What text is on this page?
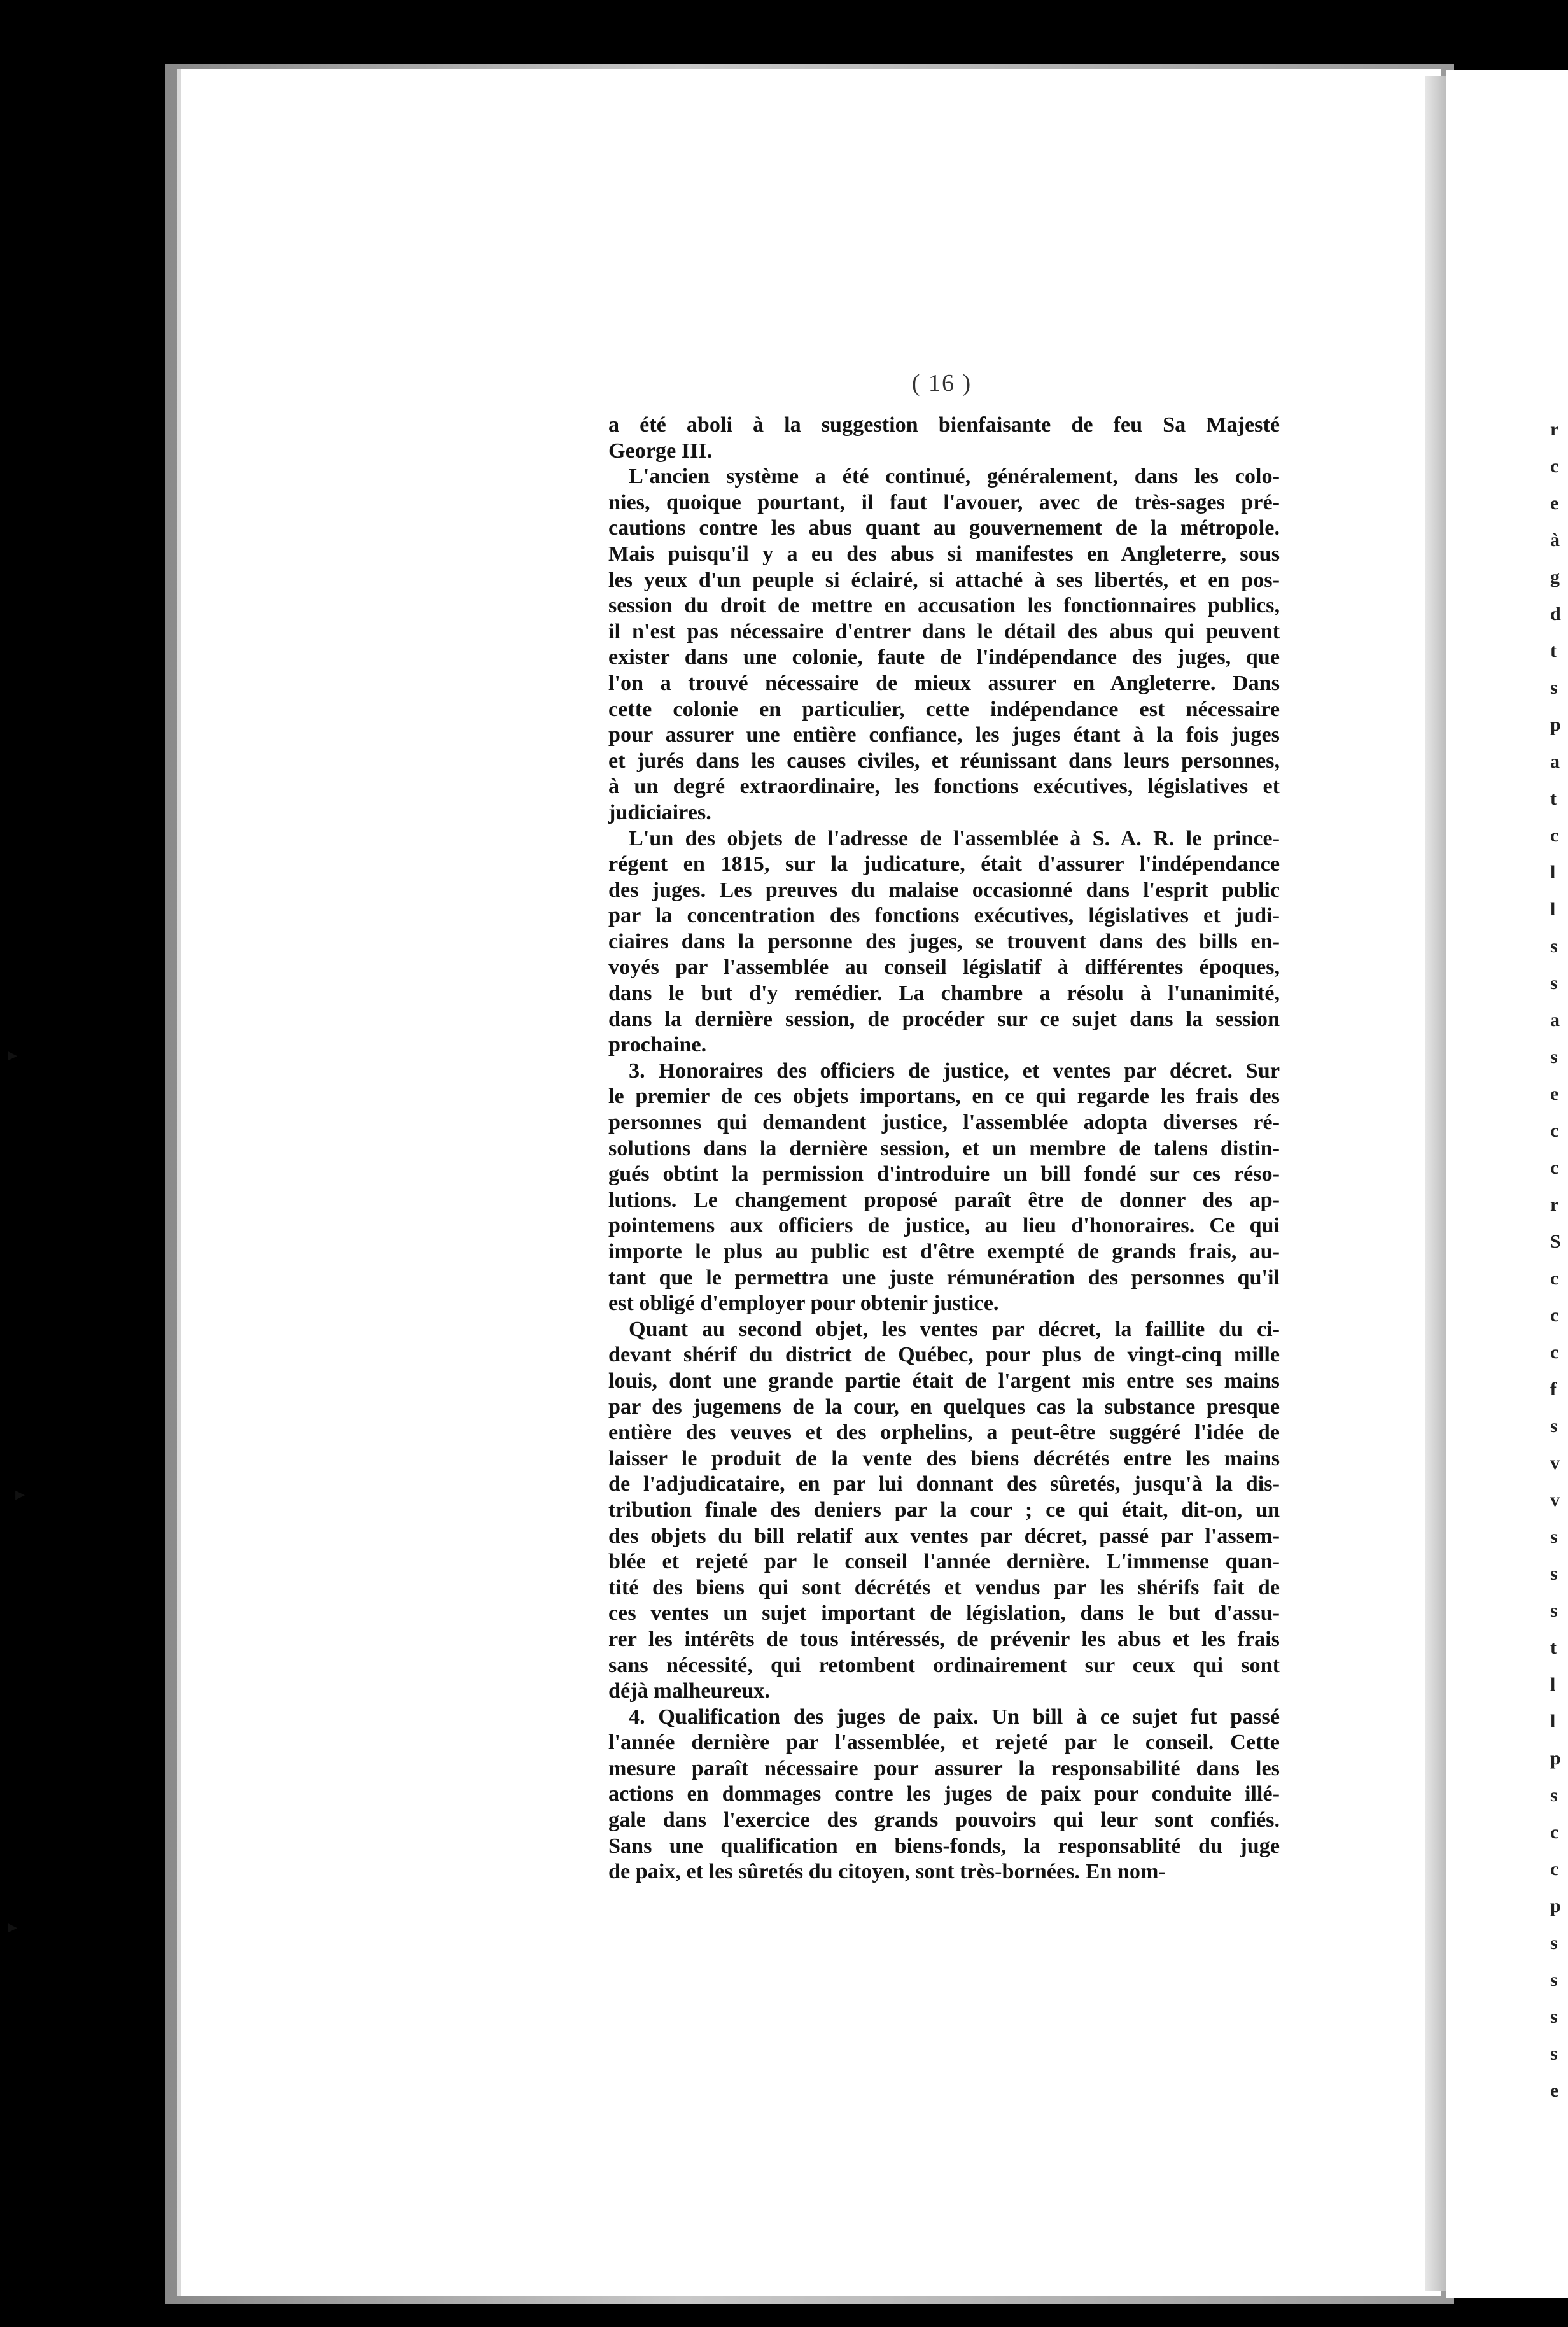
r
c
e
à
g
d
t
s
p
a
t
c
l
l
s
s
a
s
e
c
c
r
S
c
c
c
f
s
v
v
s
s
s
t
l
l
p
s
c
c
p
s
s
s
s
e
( 16 )
a été aboli à la suggestion bienfaisante de feu Sa Majesté
George III.
L'ancien système a été continué, généralement, dans les colo-
nies, quoique pourtant, il faut l'avouer, avec de très-sages pré-
cautions contre les abus quant au gouvernement de la métropole.
Mais puisqu'il y a eu des abus si manifestes en Angleterre, sous
les yeux d'un peuple si éclairé, si attaché à ses libertés, et en pos-
session du droit de mettre en accusation les fonctionnaires publics,
il n'est pas nécessaire d'entrer dans le détail des abus qui peuvent
exister dans une colonie, faute de l'indépendance des juges, que
l'on a trouvé nécessaire de mieux assurer en Angleterre. Dans
cette colonie en particulier, cette indépendance est nécessaire
pour assurer une entière confiance, les juges étant à la fois juges
et jurés dans les causes civiles, et réunissant dans leurs personnes,
à un degré extraordinaire, les fonctions exécutives, législatives et
judiciaires.
L'un des objets de l'adresse de l'assemblée à S. A. R. le prince-
régent en 1815, sur la judicature, était d'assurer l'indépendance
des juges. Les preuves du malaise occasionné dans l'esprit public
par la concentration des fonctions exécutives, législatives et judi-
ciaires dans la personne des juges, se trouvent dans des bills en-
voyés par l'assemblée au conseil législatif à différentes époques,
dans le but d'y remédier. La chambre a résolu à l'unanimité,
dans la dernière session, de procéder sur ce sujet dans la session
prochaine.
3. Honoraires des officiers de justice, et ventes par décret. Sur
le premier de ces objets importans, en ce qui regarde les frais des
personnes qui demandent justice, l'assemblée adopta diverses ré-
solutions dans la dernière session, et un membre de talens distin-
gués obtint la permission d'introduire un bill fondé sur ces réso-
lutions. Le changement proposé paraît être de donner des ap-
pointemens aux officiers de justice, au lieu d'honoraires. Ce qui
importe le plus au public est d'être exempté de grands frais, au-
tant que le permettra une juste rémunération des personnes qu'il
est obligé d'employer pour obtenir justice.
Quant au second objet, les ventes par décret, la faillite du ci-
devant shérif du district de Québec, pour plus de vingt-cinq mille
louis, dont une grande partie était de l'argent mis entre ses mains
par des jugemens de la cour, en quelques cas la substance presque
entière des veuves et des orphelins, a peut-être suggéré l'idée de
laisser le produit de la vente des biens décrétés entre les mains
de l'adjudicataire, en par lui donnant des sûretés, jusqu'à la dis-
tribution finale des deniers par la cour ; ce qui était, dit-on, un
des objets du bill relatif aux ventes par décret, passé par l'assem-
blée et rejeté par le conseil l'année dernière. L'immense quan-
tité des biens qui sont décrétés et vendus par les shérifs fait de
ces ventes un sujet important de législation, dans le but d'assu-
rer les intérêts de tous intéressés, de prévenir les abus et les frais
sans nécessité, qui retombent ordinairement sur ceux qui sont
déjà malheureux.
4. Qualification des juges de paix. Un bill à ce sujet fut passé
l'année dernière par l'assemblée, et rejeté par le conseil. Cette
mesure paraît nécessaire pour assurer la responsabilité dans les
actions en dommages contre les juges de paix pour conduite illé-
gale dans l'exercice des grands pouvoirs qui leur sont confiés.
Sans une qualification en biens-fonds, la responsablité du juge
de paix, et les sûretés du citoyen, sont très-bornées. En nom-
▸
▸
▸
